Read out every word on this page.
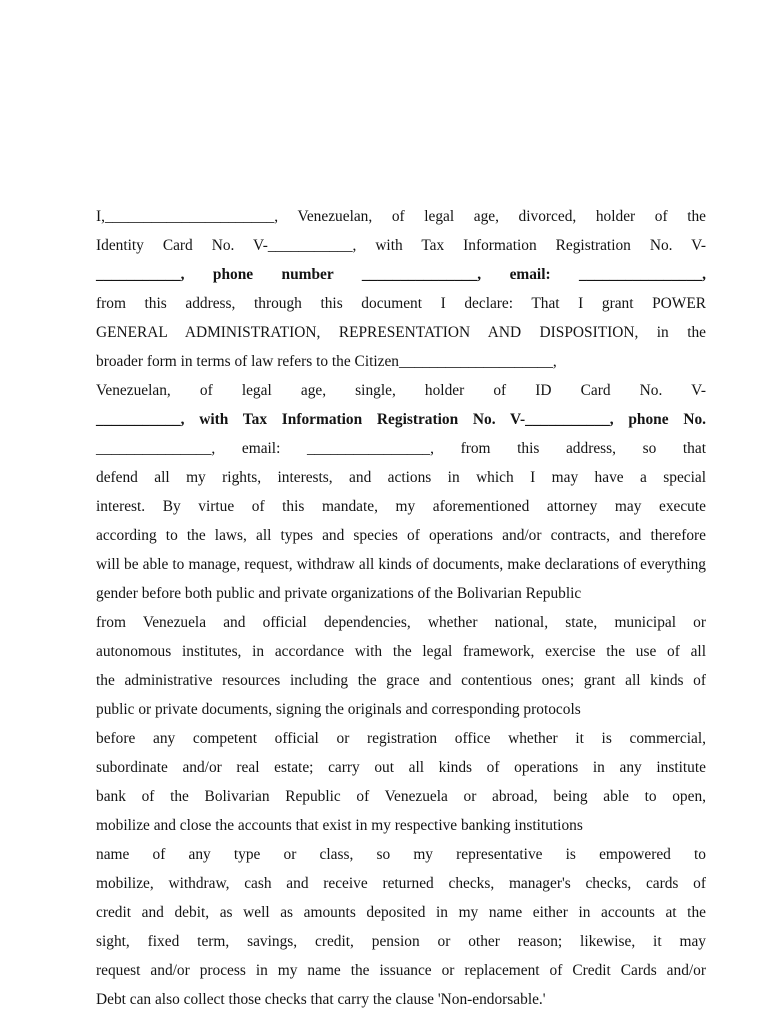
I,______________________, Venezuelan, of legal age, divorced, holder of the
Identity Card No. V-___________, with Tax Information Registration No. V-
___________, phone number _______________, email: ________________,
from this address, through this document I declare: That I grant POWER
GENERAL ADMINISTRATION, REPRESENTATION AND DISPOSITION, in the
broader form in terms of law refers to the Citizen____________________,
Venezuelan, of legal age, single, holder of ID Card No. V-
___________, with Tax Information Registration No. V-___________, phone No.
_______________, email: ________________, from this address, so that
defend all my rights, interests, and actions in which I may have a special
interest. By virtue of this mandate, my aforementioned attorney may execute
according to the laws, all types and species of operations and/or contracts, and therefore
will be able to manage, request, withdraw all kinds of documents, make declarations of everything
gender before both public and private organizations of the Bolivarian Republic
from Venezuela and official dependencies, whether national, state, municipal or
autonomous institutes, in accordance with the legal framework, exercise the use of all
the administrative resources including the grace and contentious ones; grant all kinds of
public or private documents, signing the originals and corresponding protocols
before any competent official or registration office whether it is commercial,
subordinate and/or real estate; carry out all kinds of operations in any institute
bank of the Bolivarian Republic of Venezuela or abroad, being able to open,
mobilize and close the accounts that exist in my respective banking institutions
name of any type or class, so my representative is empowered to
mobilize, withdraw, cash and receive returned checks, manager's checks, cards of
credit and debit, as well as amounts deposited in my name either in accounts at the
sight, fixed term, savings, credit, pension or other reason; likewise, it may
request and/or process in my name the issuance or replacement of Credit Cards and/or
Debt can also collect those checks that carry the clause 'Non-endorsable.'
